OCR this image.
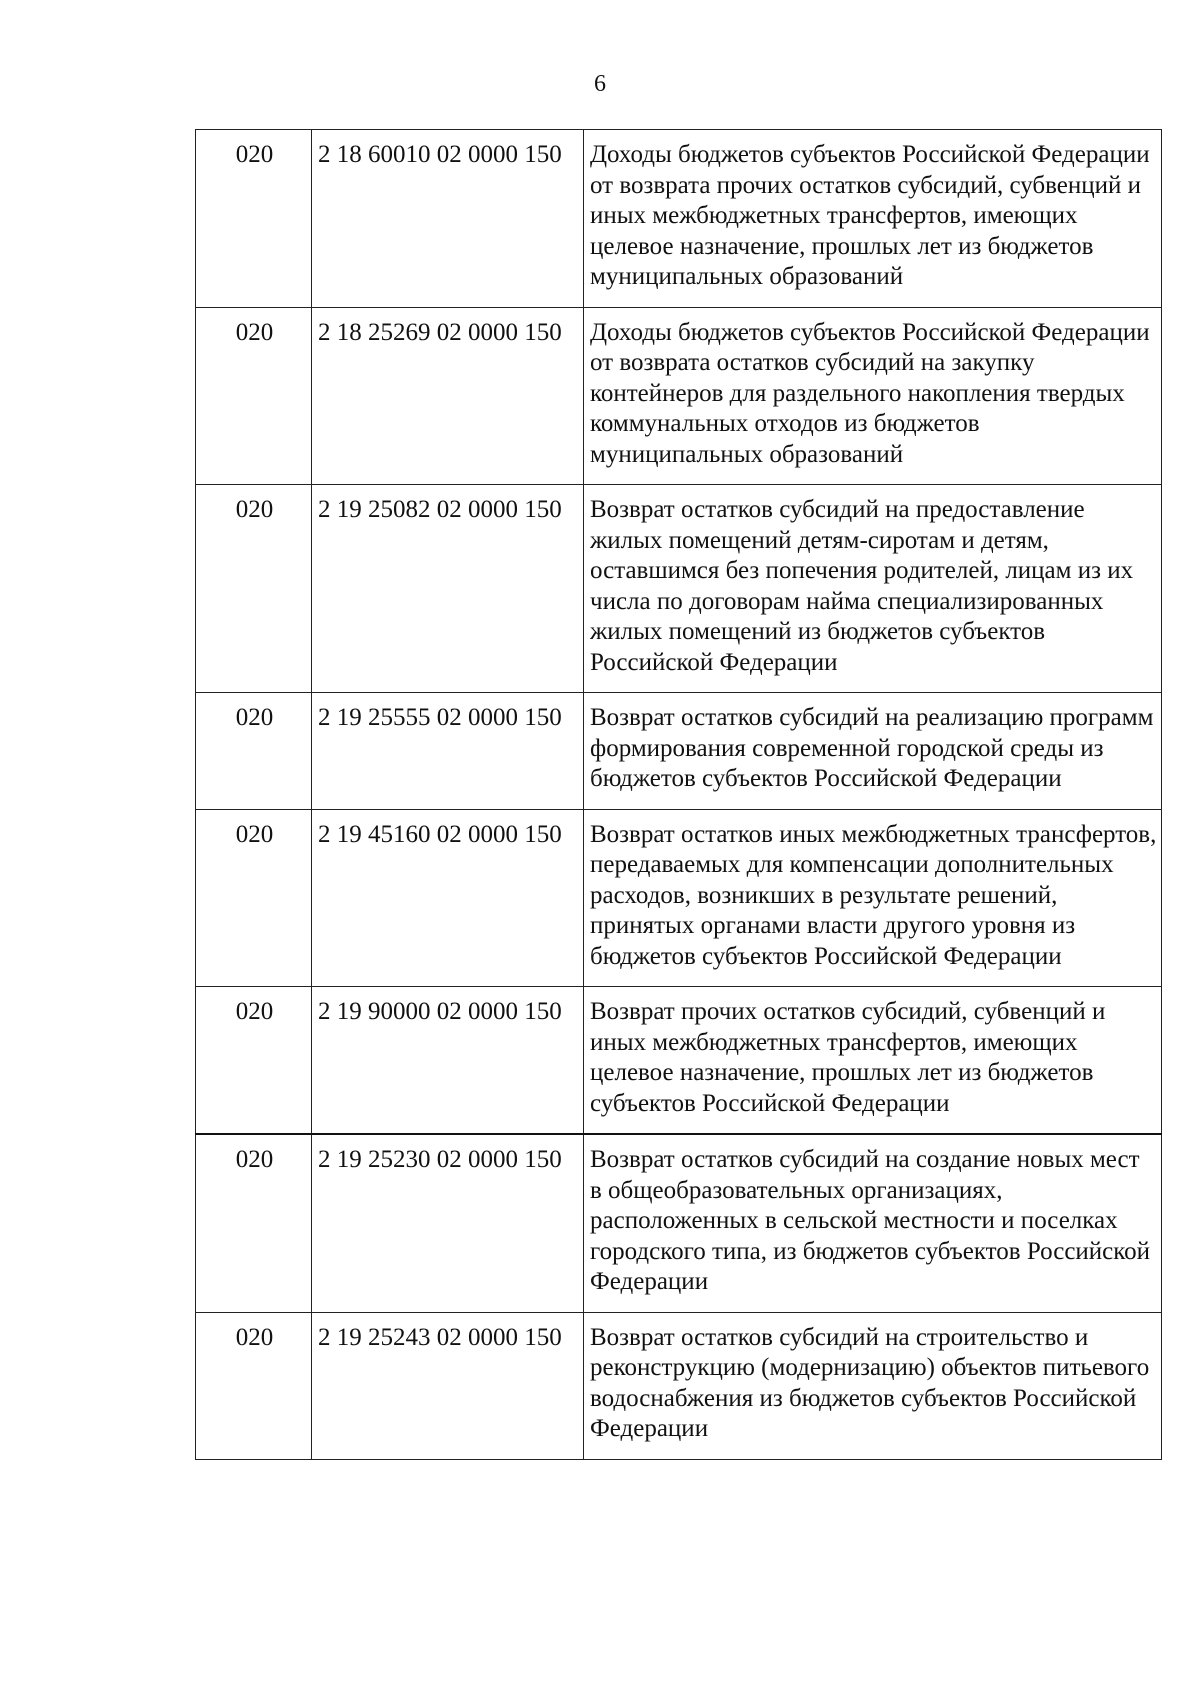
6
020	2 18 60010 02 0000 150	Доходы бюджетов субъектов Российской Федерации от возврата прочих остатков субсидий, субвенций и иных межбюджетных трансфертов, имеющих целевое назначение, прошлых лет из бюджетов муниципальных образований
020	2 18 25269 02 0000 150	Доходы бюджетов субъектов Российской Федерации от возврата остатков субсидий на закупку контейнеров для раздельного накопления твердых коммунальных отходов из бюджетов муниципальных образований
020	2 19 25082 02 0000 150	Возврат остатков субсидий на предоставление жилых помещений детям-сиротам и детям, оставшимся без попечения родителей, лицам из их числа по договорам найма специализированных жилых помещений из бюджетов субъектов Российской Федерации
020	2 19 25555 02 0000 150	Возврат остатков субсидий на реализацию программ формирования современной городской среды из бюджетов субъектов Российской Федерации
020	2 19 45160 02 0000 150	Возврат остатков иных межбюджетных трансфертов, передаваемых для компенсации дополнительных расходов, возникших в результате решений, принятых органами власти другого уровня из бюджетов субъектов Российской Федерации
020	2 19 90000 02 0000 150	Возврат прочих остатков субсидий, субвенций и иных межбюджетных трансфертов, имеющих целевое назначение, прошлых лет из бюджетов субъектов Российской Федерации
020	2 19 25230 02 0000 150	Возврат остатков субсидий на создание новых мест в общеобразовательных организациях, расположенных в сельской местности и поселках городского типа, из бюджетов субъектов Российской Федерации
020	2 19 25243 02 0000 150	Возврат остатков субсидий на строительство и реконструкцию (модернизацию) объектов питьевого водоснабжения из бюджетов субъектов Российской Федерации
